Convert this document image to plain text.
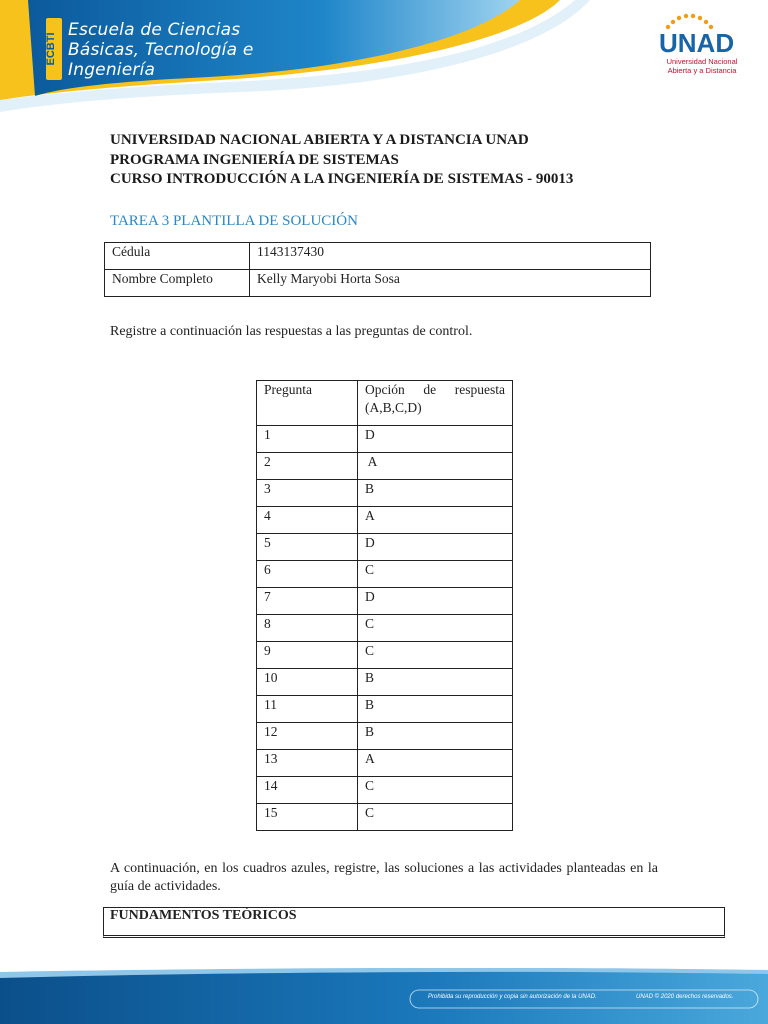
ECBTI
Escuela de Ciencias
Básicas, Tecnología e
Ingeniería
UNAD
Universidad Nacional
Abierta y a Distancia
UNIVERSIDAD NACIONAL ABIERTA Y A DISTANCIA UNAD
PROGRAMA INGENIERÍA DE SISTEMAS
CURSO INTRODUCCIÓN A LA INGENIERÍA DE SISTEMAS - 90013
TAREA 3 PLANTILLA DE SOLUCIÓN
Cédula	1143137430
Nombre Completo	Kelly Maryobi Horta Sosa
Registre a continuación las respuestas a las preguntas de control.
Pregunta	Opción de respuesta (A,B,C,D)
1	D
2	A
3	B
4	A
5	D
6	C
7	D
8	C
9	C
10	B
11	B
12	B
13	A
14	C
15	C
A continuación, en los cuadros azules, registre, las soluciones a las actividades planteadas en la guía de actividades.
FUNDAMENTOS TEÓRICOS
Prohibida su reproducción y copia sin autorización de la UNAD.	UNAD © 2020 derechos reservados.
